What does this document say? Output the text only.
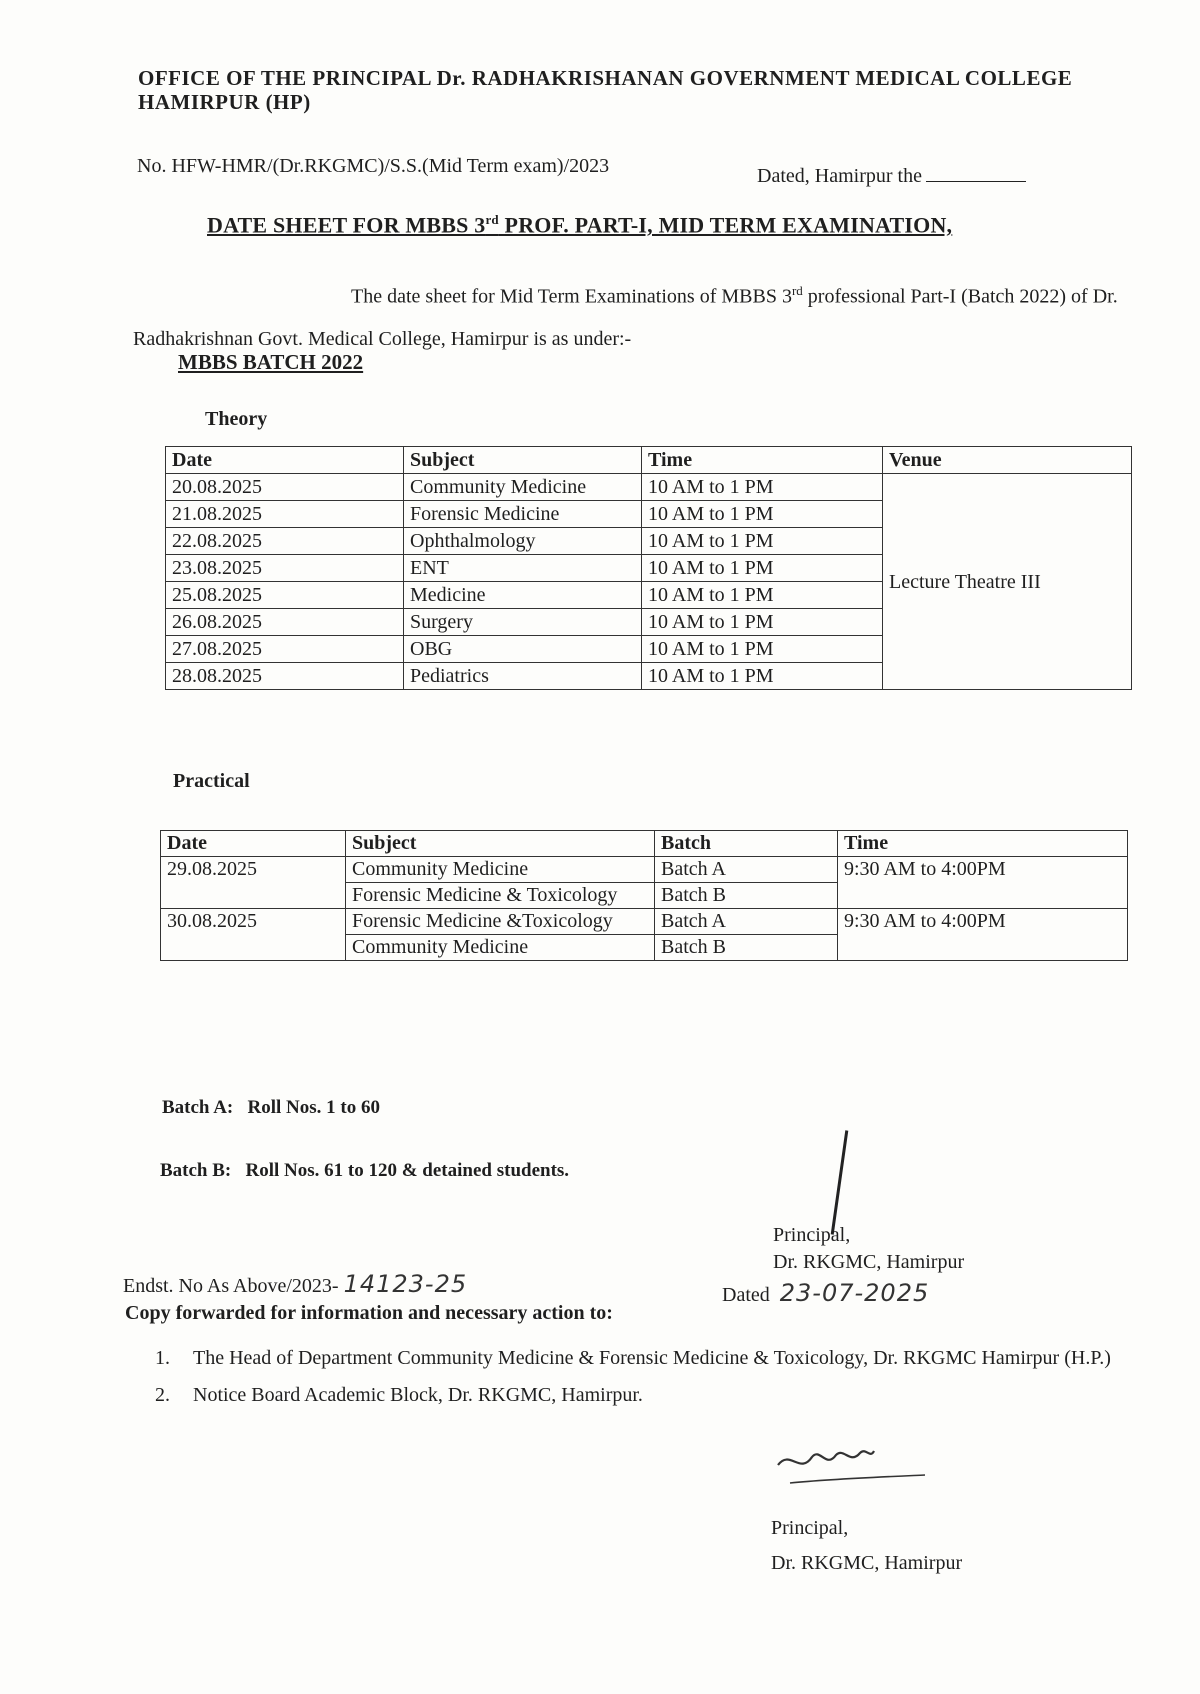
OFFICE OF THE PRINCIPAL Dr. RADHAKRISHANAN GOVERNMENT MEDICAL COLLEGE HAMIRPUR (HP)
No. HFW-HMR/(Dr.RKGMC)/S.S.(Mid Term exam)/2023	Dated, Hamirpur the
DATE SHEET FOR MBBS 3rd PROF. PART-I, MID TERM EXAMINATION,
The date sheet for Mid Term Examinations of MBBS 3rd professional Part-I (Batch 2022) of Dr. Radhakrishnan Govt. Medical College, Hamirpur is as under:-
MBBS BATCH 2022
Theory
Date	Subject	Time	Venue
20.08.2025	Community Medicine	10 AM to 1 PM	Lecture Theatre III
21.08.2025	Forensic Medicine	10 AM to 1 PM	
22.08.2025	Ophthalmology	10 AM to 1 PM	
23.08.2025	ENT	10 AM to 1 PM	
25.08.2025	Medicine	10 AM to 1 PM	
26.08.2025	Surgery	10 AM to 1 PM	
27.08.2025	OBG	10 AM to 1 PM	
28.08.2025	Pediatrics	10 AM to 1 PM	
Practical
Date	Subject	Batch	Time
29.08.2025	Community Medicine	Batch A	9:30 AM to 4:00PM
	Forensic Medicine & Toxicology	Batch B	
30.08.2025	Forensic Medicine &Toxicology	Batch A	9:30 AM to 4:00PM
	Community Medicine	Batch B	
Batch A: Roll Nos. 1 to 60
Batch B: Roll Nos. 61 to 120 & detained students.
Principal,
Dr. RKGMC, Hamirpur
Dated 23-07-2025
Endst. No As Above/2023- 14123-25
Copy forwarded for information and necessary action to:
1.	The Head of Department Community Medicine & Forensic Medicine & Toxicology, Dr. RKGMC Hamirpur (H.P.)
2.	Notice Board Academic Block, Dr. RKGMC, Hamirpur.
Principal,
Dr. RKGMC, Hamirpur
